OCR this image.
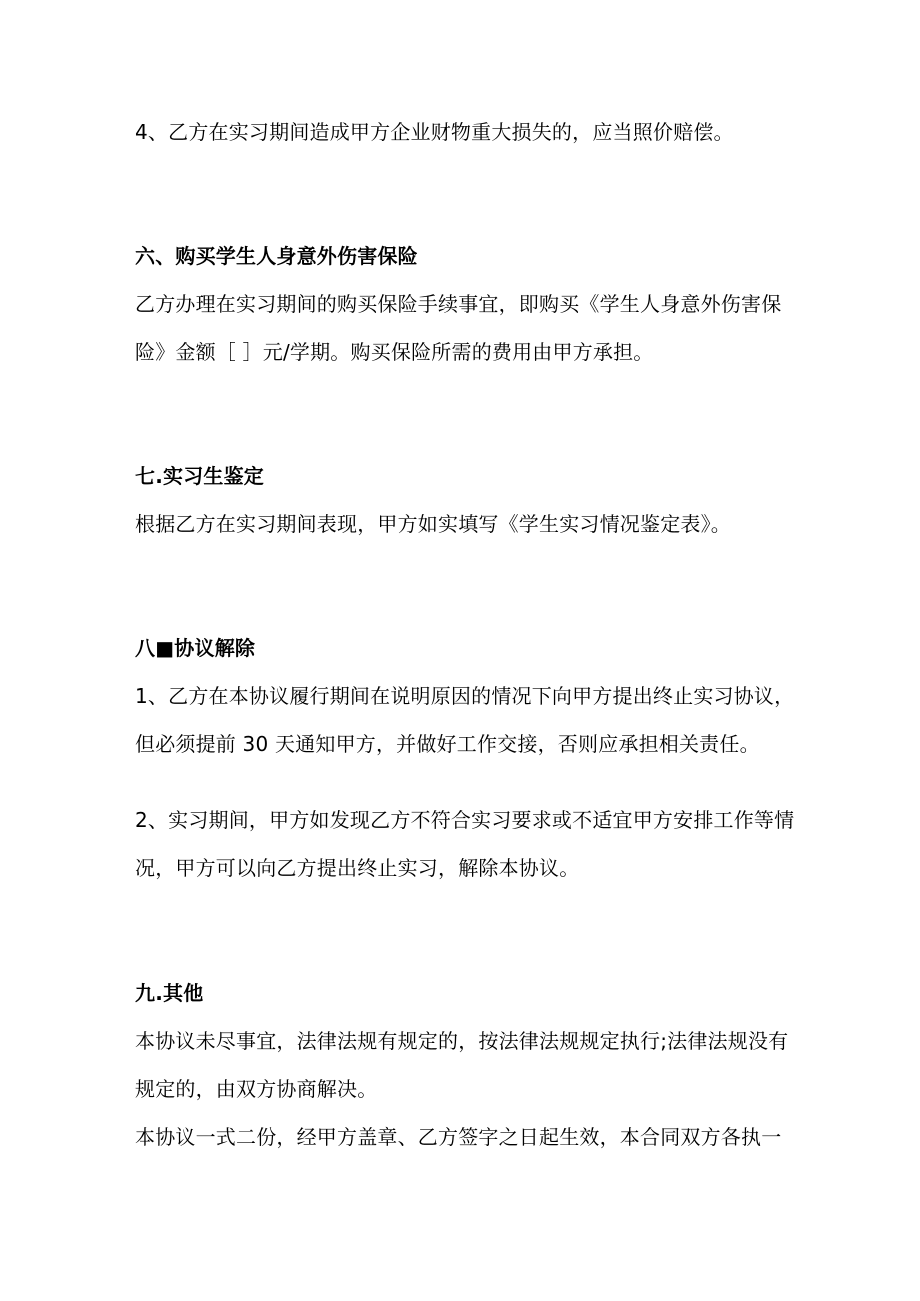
4、乙方在实习期间造成甲方企业财物重大损失的，应当照价赔偿。
六、购买学生人身意外伤害保险
乙方办理在实习期间的购买保险手续事宜，即购买《学生人身意外伤害保
险》金额［ ］元/学期。购买保险所需的费用由甲方承担。
七.实习生鉴定
根据乙方在实习期间表现，甲方如实填写《学生实习情况鉴定表》。
八■协议解除
1、乙方在本协议履行期间在说明原因的情况下向甲方提出终止实习协议，
但必须提前 30 天通知甲方，并做好工作交接，否则应承担相关责任。
2、实习期间，甲方如发现乙方不符合实习要求或不适宜甲方安排工作等情
况，甲方可以向乙方提出终止实习，解除本协议。
九.其他
本协议未尽事宜，法律法规有规定的，按法律法规规定执行;法律法规没有
规定的，由双方协商解决。
本协议一式二份，经甲方盖章、乙方签字之日起生效，本合同双方各执一
